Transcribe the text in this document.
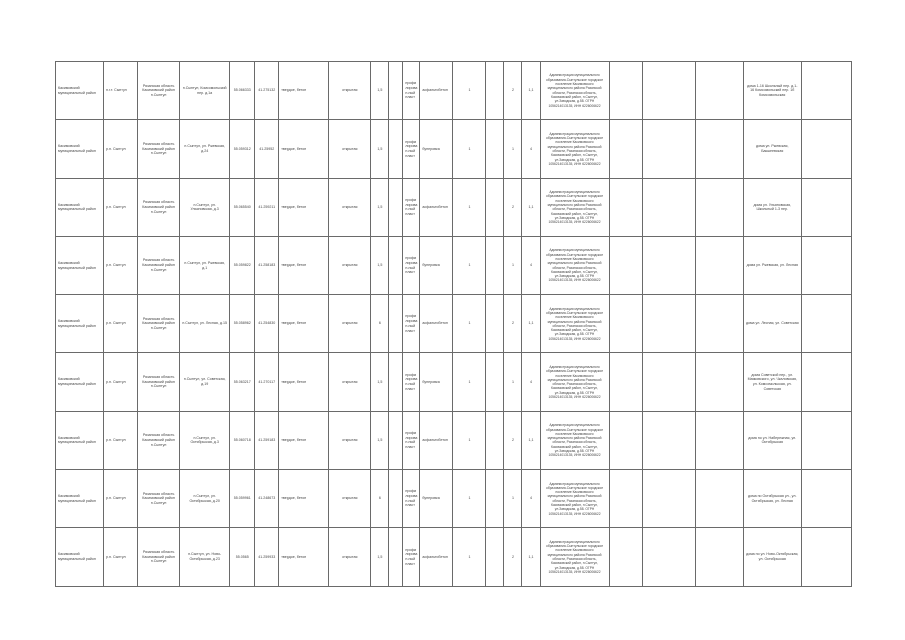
Касимовский муниципальный район	п.г.т. Сынтул	Рязанская область Касимовский район п.Сынтул	п.Сынтул, Комсомольский пер. д.1а	55.066333	41.275132	твердое, бетон	открытая	1,5		профилирован-ный пласт	асфальтобетон	1		2	1,1	Администрация муниципального образования-Сынтульское городское поселение Касимовского муниципального района Рязанской области, Рязанская область, Касимовский район, п.Сынтул, ул.Заводская, д.58. ОГРН 1056214013135, ИНН 6226006622				дома 1-16 Школьный пер. д.1-16 Комсомольский пер. 1б Комсомольская	
Касимовский муниципальный район	р.п. Сынтул	Рязанская область Касимовский район п.Сынтул	п.Сынтул, ул. Ржевская, д.24	55.059312	41.25952	твердое, бетон	открытая	1,5		профилирован-ный пласт	бунеровка	1		1	4	Администрация муниципального образования-Сынтульское городское поселение Касимовского муниципального района Рязанской области, Рязанская область, Касимовский район, п.Сынтул, ул.Заводская, д.58. ОГРН 1056214013135, ИНН 6226006622				дома ул. Ржевская, Бакшеевская	
Касимовский муниципальный район	р.п. Сынтул	Рязанская область Касимовский район п.Сынтул	п.Сынтул, ул. Ульяновская, д.3	55.065540	41.259211	твердое, бетон	открытая	1,5		профилирован-ный пласт	асфальтобетон	1		2	1,1	Администрация муниципального образования-Сынтульское городское поселение Касимовского муниципального района Рязанской области, Рязанская область, Касимовский район, п.Сынтул, ул.Заводская, д.58. ОГРН 1056214013135, ИНН 6226006622				дома ул. Ульяновская, Школьный 1-3 пер.	
Касимовский муниципальный район	р.п. Сынтул	Рязанская область Касимовский район п.Сынтул	п.Сынтул, ул. Ржевская, д.1	55.059822	41.258183	твердое, бетон	открытая	1,5		профилирован-ный пласт	бунеровка	1		1	4	Администрация муниципального образования-Сынтульское городское поселение Касимовского муниципального района Рязанской области, Рязанская область, Касимовский район, п.Сынтул, ул.Заводская, д.58. ОГРН 1056214013135, ИНН 6226006622				дома ул. Ржевская, ул. Лесная	
Касимовский муниципальный район	р.п. Сынтул	Рязанская область Касимовский район п.Сынтул	п.Сынтул, ул. Лесная, д.15	55.058962	41.254830	твердое, бетон	открытая	6		профилирован-ный пласт	асфальтобетон	1		2	1,1	Администрация муниципального образования-Сынтульское городское поселение Касимовского муниципального района Рязанской области, Рязанская область, Касимовский район, п.Сынтул, ул.Заводская, д.58. ОГРН 1056214013135, ИНН 6226006622				дома ул. Лесная, ул. Советская	
Касимовский муниципальный район	р.п. Сынтул	Рязанская область Касимовский район п.Сынтул	п.Сынтул, ул. Советская, д.19	55.063217	41.270117	твердое, бетон	открытая	1,5		профилирован-ный пласт	бунеровка	1		1	4	Администрация муниципального образования-Сынтульское городское поселение Касимовского муниципального района Рязанской области, Рязанская область, Касимовский район, п.Сынтул, ул.Заводская, д.58. ОГРН 1056214013135, ИНН 6226006622				дома Советской пер., ул. Маяковского, ул. Чкаловская, ул. Комсомольская, ул. Советская	
Касимовский муниципальный район	р.п. Сынтул	Рязанская область Касимовский район п.Сынтул	п.Сынтул, ул. Октябрьская, д.3	55.060718	41.259183	твердое, бетон	открытая	1,5		профилирован-ный пласт	асфальтобетон	1		2	1,1	Администрация муниципального образования-Сынтульское городское поселение Касимовского муниципального района Рязанской области, Рязанская область, Касимовский район, п.Сынтул, ул.Заводская, д.58. ОГРН 1056214013135, ИНН 6226006622				дома по ул. Набережная, ул. Октябрьская	
Касимовский муниципальный район	р.п. Сынтул	Рязанская область Касимовский район п.Сынтул	п.Сынтул, ул. Октябрьская, д.20	55.059961	41.248673	твердое, бетон	открытая	6		профилирован-ный пласт	бунеровка	1		1	4	Администрация муниципального образования-Сынтульское городское поселение Касимовского муниципального района Рязанской области, Рязанская область, Касимовский район, п.Сынтул, ул.Заводская, д.58. ОГРН 1056214013135, ИНН 6226006622				дома по Октябрьская ул., ул. Октябрьская, ул. Лесная	
Касимовский муниципальный район	р.п. Сынтул	Рязанская область Касимовский район п.Сынтул	п.Сынтул, ул. Ново-Октябрьская, д.23	55.0565	41.259933	твердое, бетон	открытая	1,5		профилирован-ный пласт	асфальтобетон	1		2	1,1	Администрация муниципального образования-Сынтульское городское поселение Касимовского муниципального района Рязанской области, Рязанская область, Касимовский район, п.Сынтул, ул.Заводская, д.58. ОГРН 1056214013135, ИНН 6226006622				дома по ул. Ново-Октябрьская, ул. Октябрьская	
